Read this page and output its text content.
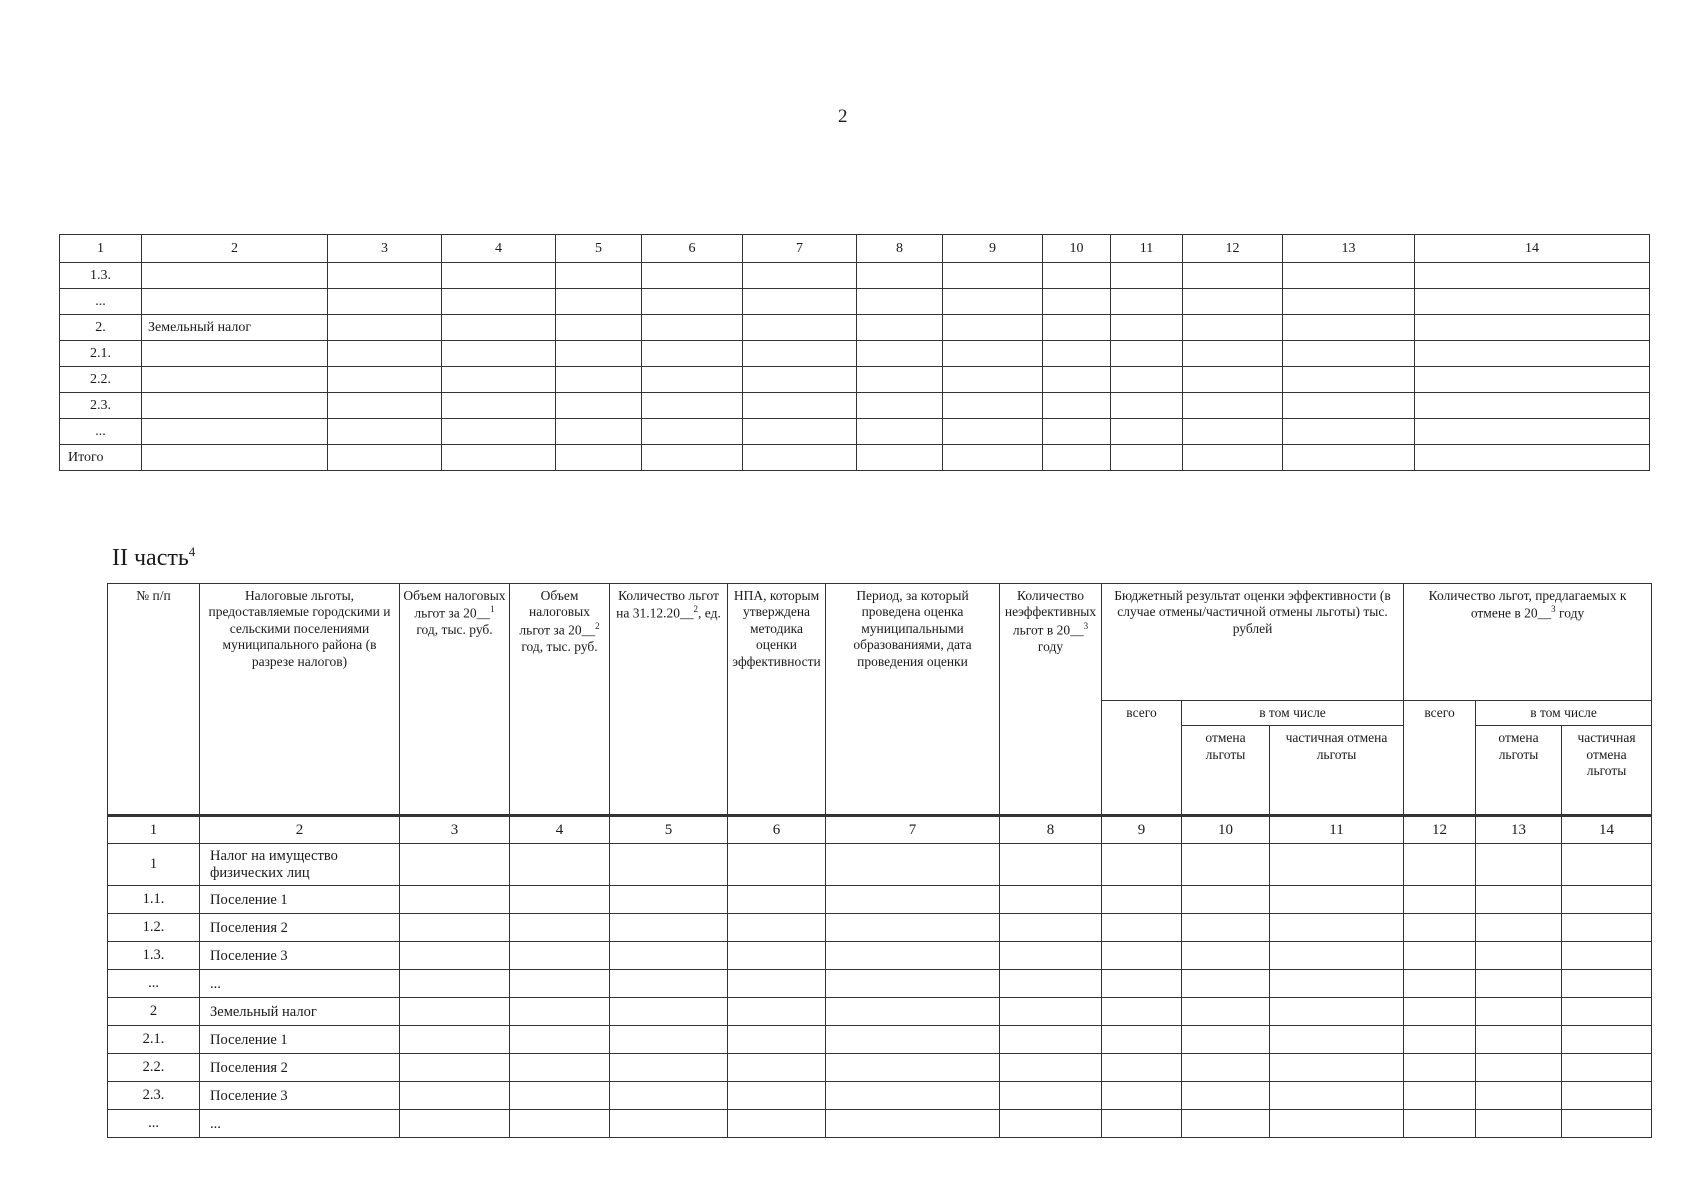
2
1	2	3	4	5	6	7	8	9	10	11	12	13	14
1.3.													
...													
2.	Земельный налог												
2.1.													
2.2.													
2.3.													
...													
Итого													
II часть$^4$
№ п/п	Налоговые льготы, предоставляемые городскими и сельскими поселениями муниципального района (в разрезе налогов)	Объем налоговых льгот за 20__$^1$ год, тыс. руб.	Объем налоговых льгот за 20__$^2$ год, тыс. руб.	Количество льгот на 31.12.20__$^2$, ед.	НПА, которым утверждена методика оценки эффективности	Период, за который проведена оценка муниципальными образованиями, дата проведения оценки	Количество неэффективных льгот в 20__$^3$ году	Бюджетный результат оценки эффективности (в случае отмены/частичной отмены льготы) тыс. рублей			Количество льгот, предлагаемых к отмене в 20__$^3$ году		
								всего	в том числе		всего	в том числе	
									отмена льготы	частичная отмена льготы		отмена льготы	частичная отмена льготы
1	2	3	4	5	6	7	8	9	10	11	12	13	14
1	Налог на имущество физических лиц												
1.1.	Поселение 1												
1.2.	Поселения 2												
1.3.	Поселение 3												
...	...												
2	Земельный налог												
2.1.	Поселение 1												
2.2.	Поселения 2												
2.3.	Поселение 3												
...	...												
